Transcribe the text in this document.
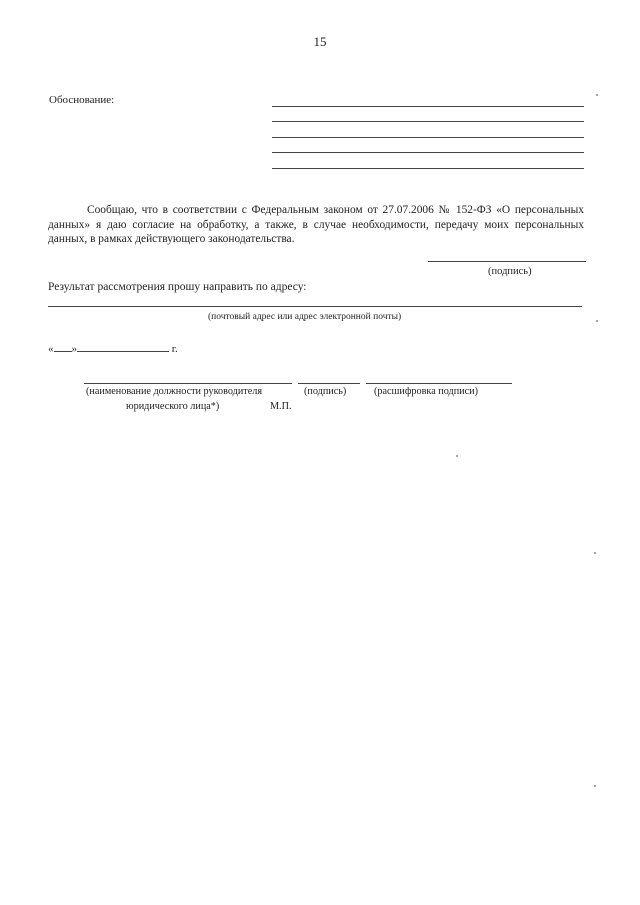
15
Обоснование:
Сообщаю, что в соответствии с Федеральным законом от 27.07.2006 № 152-ФЗ «О персональных данных» я даю согласие на обработку, а также, в случае необходимости, передачу моих персональных данных, в рамках действующего законодательства.
(подпись)
Результат рассмотрения прошу направить по адресу:
(почтовый адрес или адрес электронной почты)
« »	г.
(наименование должности руководителя
юридического лица*)
(подпись)	(расшифровка подписи)
М.П.
